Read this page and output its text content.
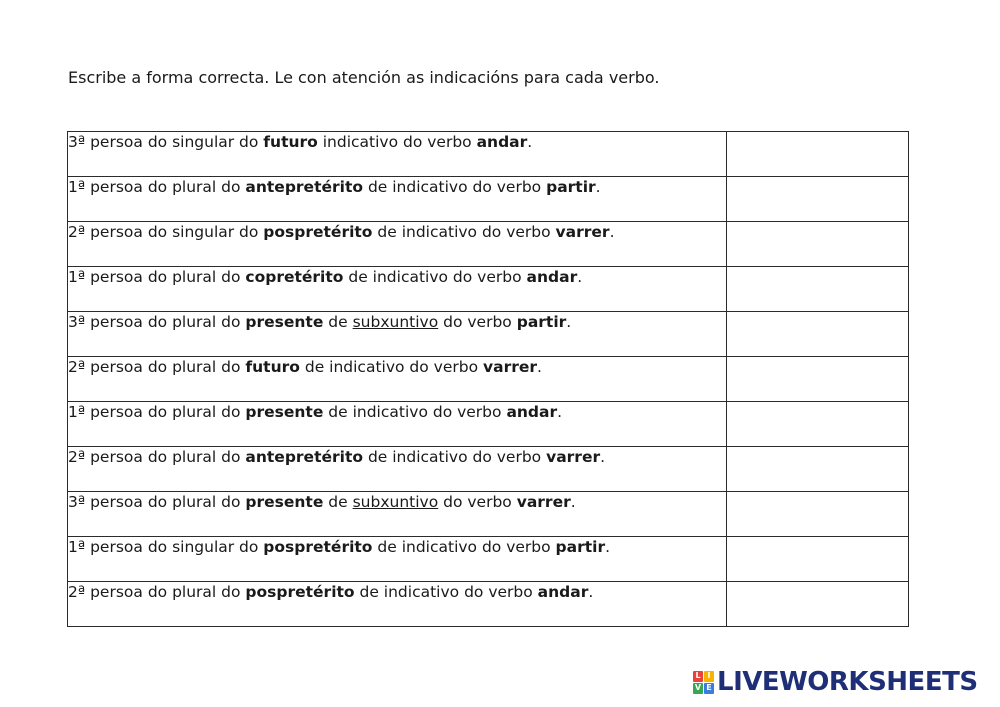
Escribe a forma correcta. Le con atención as indicacións para cada verbo.
3ª persoa do singular do futuro indicativo do verbo andar.	
1ª persoa do plural do antepretérito de indicativo do verbo partir.	
2ª persoa do singular do pospretérito de indicativo do verbo varrer.	
1ª persoa do plural do copretérito de indicativo do verbo andar.	
3ª persoa do plural do presente de subxuntivo do verbo partir.	
2ª persoa do plural do futuro de indicativo do verbo varrer.	
1ª persoa do plural do presente de indicativo do verbo andar.	
2ª persoa do plural do antepretérito de indicativo do verbo varrer.	
3ª persoa do plural do presente de subxuntivo do verbo varrer.	
1ª persoa do singular do pospretérito de indicativo do verbo partir.	
2ª persoa do plural do pospretérito de indicativo do verbo andar.	
L I
V E LIVEWORKSHEETS
